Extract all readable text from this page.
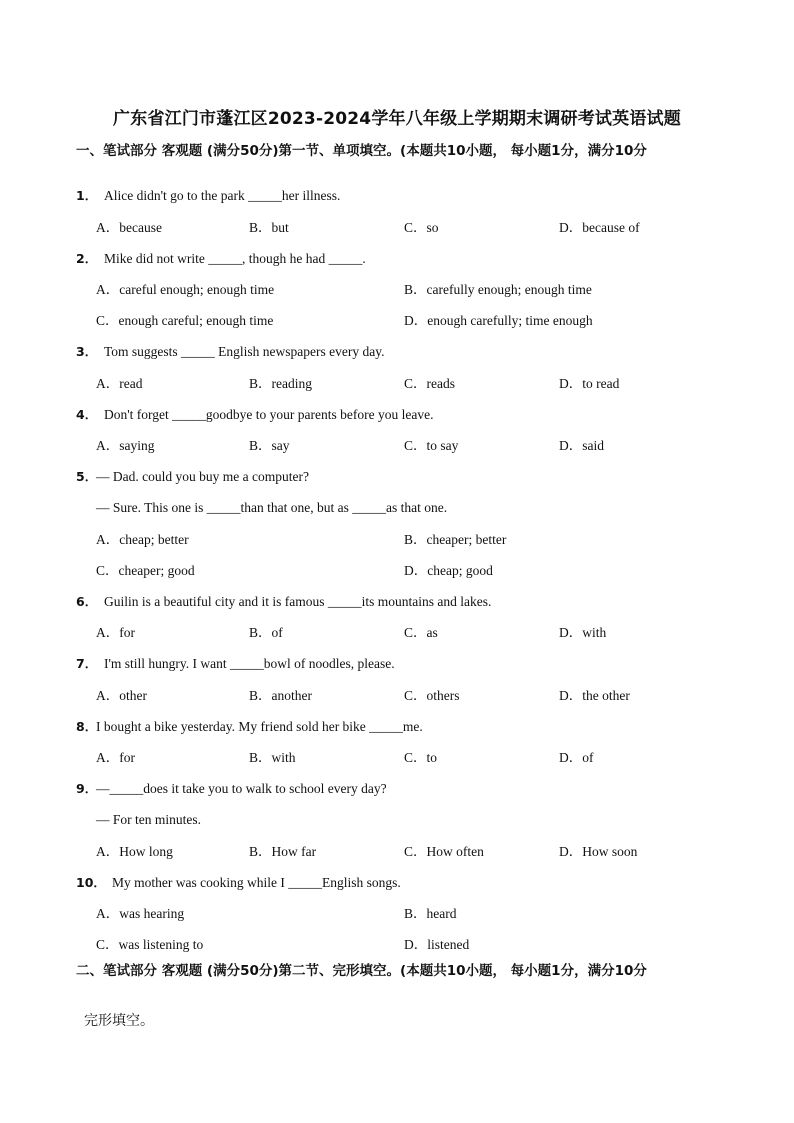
广东省江门市蓬江区2023-2024学年八年级上学期期末调研考试英语试题
一、笔试部分 客观题 (满分50分)第一节、单项填空。(本题共10小题， 每小题1分，满分10分
1． Alice didn't go to the park _____her illness.
A．because	B．but	C．so	D．because of
2． Mike did not write _____, though he had _____.
A．careful enough; enough time	B．carefully enough; enough time
C．enough careful; enough time	D．enough carefully; time enough
3． Tom suggests _____ English newspapers every day.
A．read	B．reading	C．reads	D．to read
4． Don't forget _____goodbye to your parents before you leave.
A．saying	B．say	C．to say	D．said
5．
— Dad. could you buy me a computer?
— Sure. This one is _____than that one, but as _____as that one.
A．cheap; better	B．cheaper; better
C．cheaper; good	D．cheap; good
6． Guilin is a beautiful city and it is famous _____its mountains and lakes.
A．for	B．of	C．as	D．with
7． I'm still hungry. I want _____bowl of noodles, please.
A．other	B．another	C．others	D．the other
8．
I bought a bike yesterday. My friend sold her bike _____me.
A．for	B．with	C．to	D．of
9．
—_____does it take you to walk to school every day?
— For ten minutes.
A．How long	B．How far	C．How often	D．How soon
10． My mother was cooking while I _____English songs.
A．was hearing	B．heard
C．was listening to	D．listened
二、笔试部分 客观题 (满分50分)第二节、完形填空。(本题共10小题， 每小题1分，满分10分
完形填空。
